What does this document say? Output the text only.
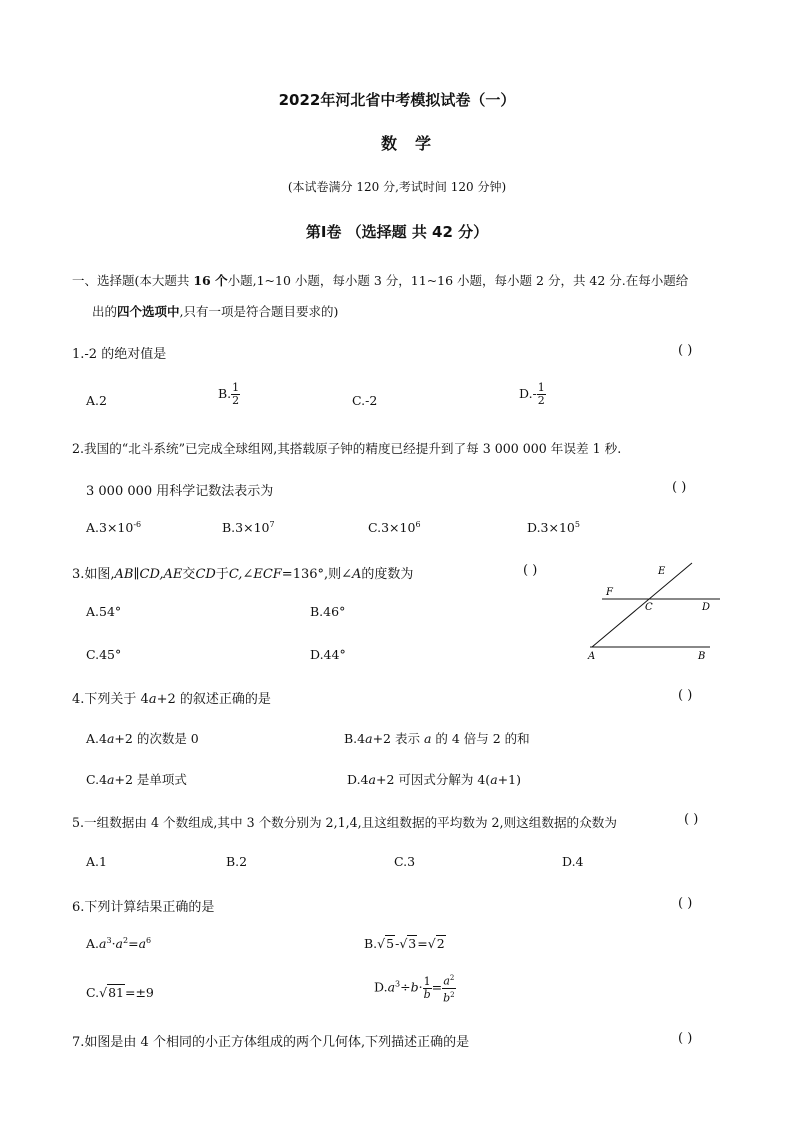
2022年河北省中考模拟试卷（一）
数学
(本试卷满分 120 分,考试时间 120 分钟)
第Ⅰ卷 （选择题 共 42 分）
一、选择题(本大题共 16 个小题,1~10 小题，每小题 3 分，11~16 小题，每小题 2 分，共 42 分.在每小题给
出的四个选项中,只有一项是符合题目要求的)
1.-2 的绝对值是	( )
A.2	B. $\frac{1}{2}$	C.-2	$D.- \frac{1}{2}$
2.我国的“北斗系统”已完成全球组网,其搭载原子钟的精度已经提升到了每 3 000 000 年误差 1 秒.
3 000 000 用科学记数法表示为	( )
$A.3\times 10^{-6}$	$B.3\times 10^7$	$C.3\times 10^6$	$D.3\times 10^5$
3.如图,AB∥CD,AE交CD于C,∠ECF=136°,则∠A的度数为	( )
A.54°	B.46°
C.45°	D.44°
E
F
C	D
A	B
4.下列关于 4a+2 的叙述正确的是	( )
A.4a+2 的次数是 0	B.4a+2 表示 a 的 4 倍与 2 的和
C.4a+2 是单项式	D.4a+2 可因式分解为 4(a+1)
5.一组数据由 4 个数组成,其中 3 个数分别为 2,1,4,且这组数据的平均数为 2,则这组数据的众数为	( )
A.1	B.2	C.3	D.4
6.下列计算结果正确的是	( )
$A.a^3\cdot a^2=a^6$	B.√5-√3=√2
C.√81=±9	$D.a^3\div b\cdot \frac{1}{b} = \frac{a^2}{b^2}$
7.如图是由 4 个相同的小正方体组成的两个几何体,下列描述正确的是	( )
